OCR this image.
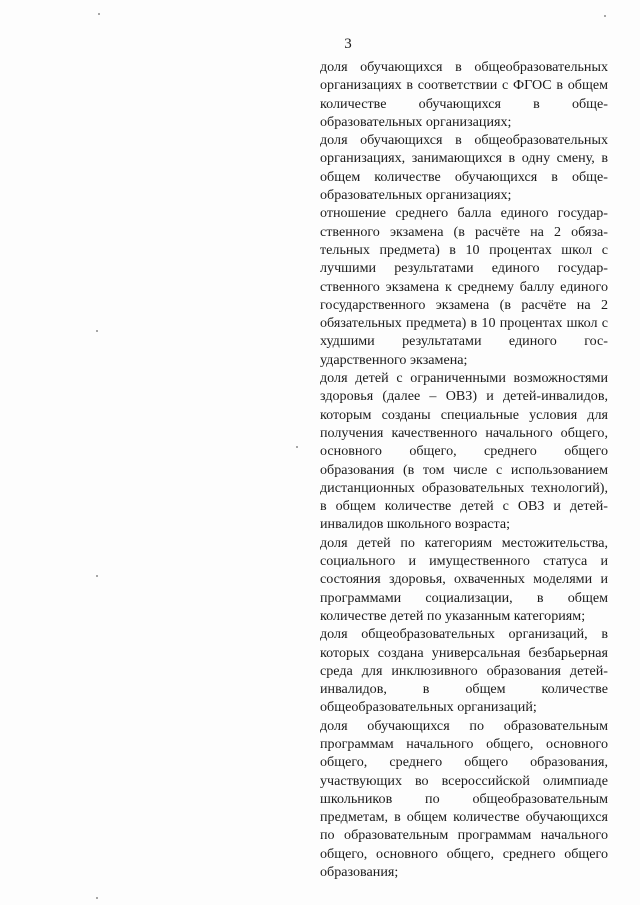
3

доля обучающихся в общеобразовательных организациях в соответствии с ФГОС в общем количестве обучающихся в общеобразовательных организациях;

доля обучающихся в общеобразовательных организациях, занимающихся в одну смену, в общем количестве обучающихся в общеобразовательных организациях;

отношение среднего балла единого государственного экзамена (в расчёте на 2 обязательных предмета) в 10 процентах школ с лучшими результатами единого государственного экзамена к среднему баллу единого государственного экзамена (в расчёте на 2 обязательных предмета) в 10 процентах школ с худшими результатами единого государственного экзамена;

доля детей с ограниченными возможностями здоровья (далее – ОВЗ) и детей-инвалидов, которым созданы специальные условия для получения качественного начального общего, основного общего, среднего общего образования (в том числе с использованием дистанционных образовательных технологий), в общем количестве детей с ОВЗ и детей-инвалидов школьного возраста;

доля детей по категориям местожительства, социального и имущественного статуса и состояния здоровья, охваченных моделями и программами социализации, в общем количестве детей по указанным категориям;

доля общеобразовательных организаций, в которых создана универсальная безбарьерная среда для инклюзивного образования детей-инвалидов, в общем количестве общеобразовательных организаций;

доля обучающихся по образовательным программам начального общего, основного общего, среднего общего образования, участвующих во всероссийской олимпиаде школьников по общеобразовательным предметам, в общем количестве обучающихся по образовательным программам начального общего, основного общего, среднего общего образования;
